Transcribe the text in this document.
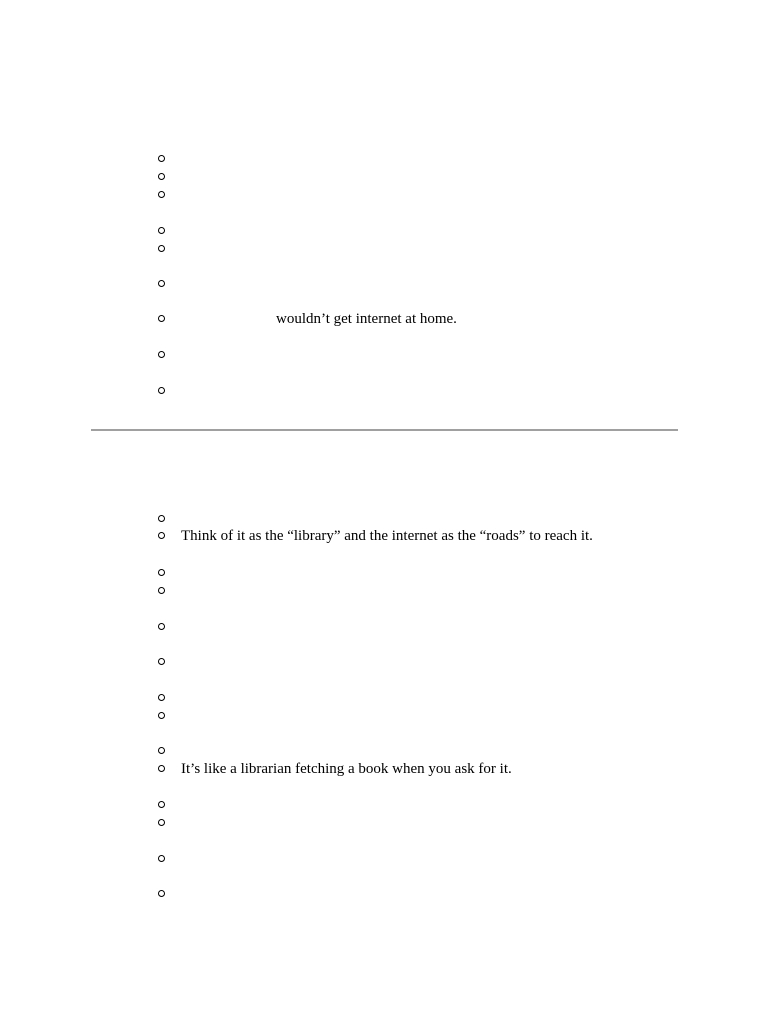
wouldn’t get internet at home.
Think of it as the “library” and the internet as the “roads” to reach it.
It’s like a librarian fetching a book when you ask for it.
